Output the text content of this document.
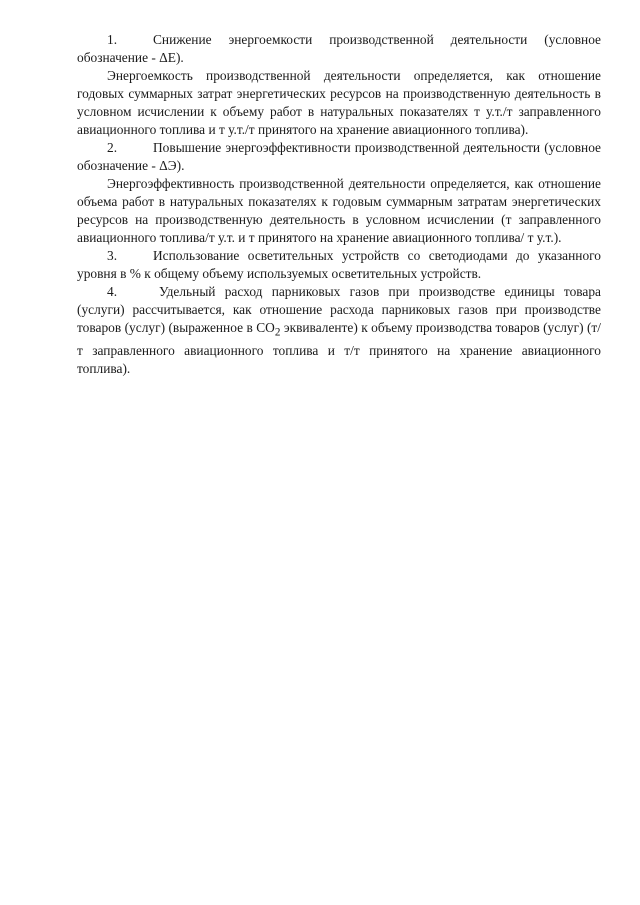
1.	Снижение энергоемкости производственной деятельности (условное обозначение - ΔЕ).

Энергоемкость производственной деятельности определяется, как отношение годовых суммарных затрат энергетических ресурсов на производственную деятельность в условном исчислении к объему работ в натуральных показателях т у.т./т заправленного авиационного топлива и т у.т./т принятого на хранение авиационного топлива).

2.	Повышение энергоэффективности производственной деятельности (условное обозначение - ΔЭ).

Энергоэффективность производственной деятельности определяется, как отношение объема работ в натуральных показателях к годовым суммарным затратам энергетических ресурсов на производственную деятельность в условном исчислении (т заправленного авиационного топлива/т у.т. и т принятого на хранение авиационного топлива/ т у.т.).

3.	Использование осветительных устройств со светодиодами до указанного уровня в % к общему объему используемых осветительных устройств.

4.	Удельный расход парниковых газов при производстве единицы товара (услуги) рассчитывается, как отношение расхода парниковых газов при производстве товаров (услуг) (выраженное в $CO_2$ эквиваленте) к объему производства товаров (услуг) (т/т заправленного авиационного топлива и т/т принятого на хранение авиационного топлива).
